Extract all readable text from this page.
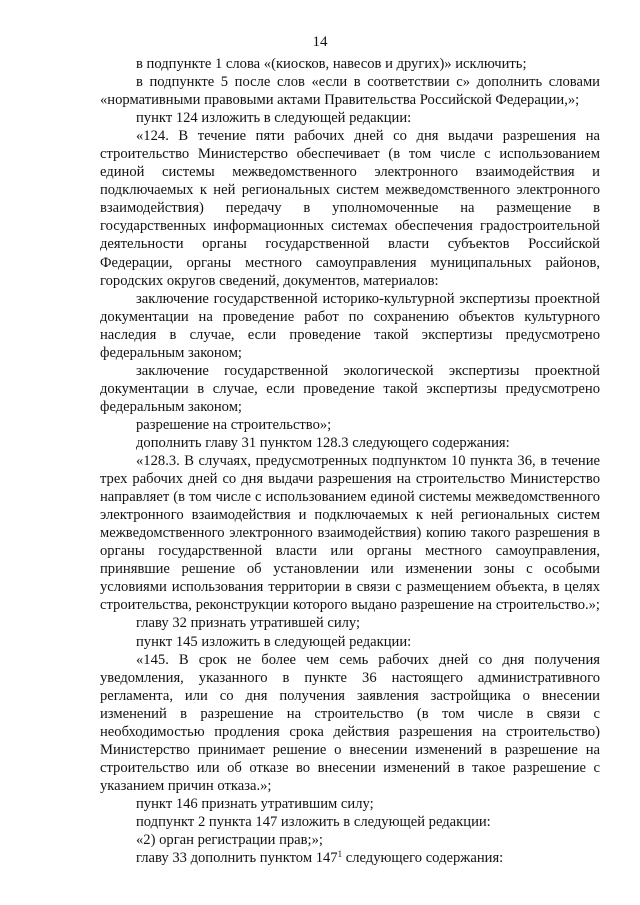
14
в подпункте 1 слова «(киосков, навесов и других)» исключить;
в подпункте 5 после слов «если в соответствии с» дополнить словами
«нормативными правовыми актами Правительства Российской Федерации,»;
пункт 124 изложить в следующей редакции:
«124. В течение пяти рабочих дней со дня выдачи разрешения на
строительство Министерство обеспечивает (в том числе с использованием
единой системы межведомственного электронного взаимодействия и
подключаемых к ней региональных систем межведомственного электронного
взаимодействия) передачу в уполномоченные на размещение в
государственных информационных системах обеспечения градостроительной
деятельности органы государственной власти субъектов Российской
Федерации, органы местного самоуправления муниципальных районов,
городских округов сведений, документов, материалов:
заключение государственной историко-культурной экспертизы проектной
документации на проведение работ по сохранению объектов культурного
наследия в случае, если проведение такой экспертизы предусмотрено
федеральным законом;
заключение государственной экологической экспертизы проектной
документации в случае, если проведение такой экспертизы предусмотрено
федеральным законом;
разрешение на строительство»;
дополнить главу 31 пунктом 128.3 следующего содержания:
«128.3. В случаях, предусмотренных подпунктом 10 пункта 36, в течение
трех рабочих дней со дня выдачи разрешения на строительство Министерство
направляет (в том числе с использованием единой системы межведомственного
электронного взаимодействия и подключаемых к ней региональных систем
межведомственного электронного взаимодействия) копию такого разрешения в
органы государственной власти или органы местного самоуправления,
принявшие решение об установлении или изменении зоны с особыми
условиями использования территории в связи с размещением объекта, в целях
строительства, реконструкции которого выдано разрешение на строительство.»;
главу 32 признать утратившей силу;
пункт 145 изложить в следующей редакции:
«145. В срок не более чем семь рабочих дней со дня получения
уведомления, указанного в пункте 36 настоящего административного
регламента, или со дня получения заявления застройщика о внесении
изменений в разрешение на строительство (в том числе в связи с
необходимостью продления срока действия разрешения на строительство)
Министерство принимает решение о внесении изменений в разрешение на
строительство или об отказе во внесении изменений в такое разрешение с
указанием причин отказа.»;
пункт 146 признать утратившим силу;
подпункт 2 пункта 147 изложить в следующей редакции:
«2) орган регистрации прав;»;
главу 33 дополнить пунктом $147^1$ следующего содержания:
